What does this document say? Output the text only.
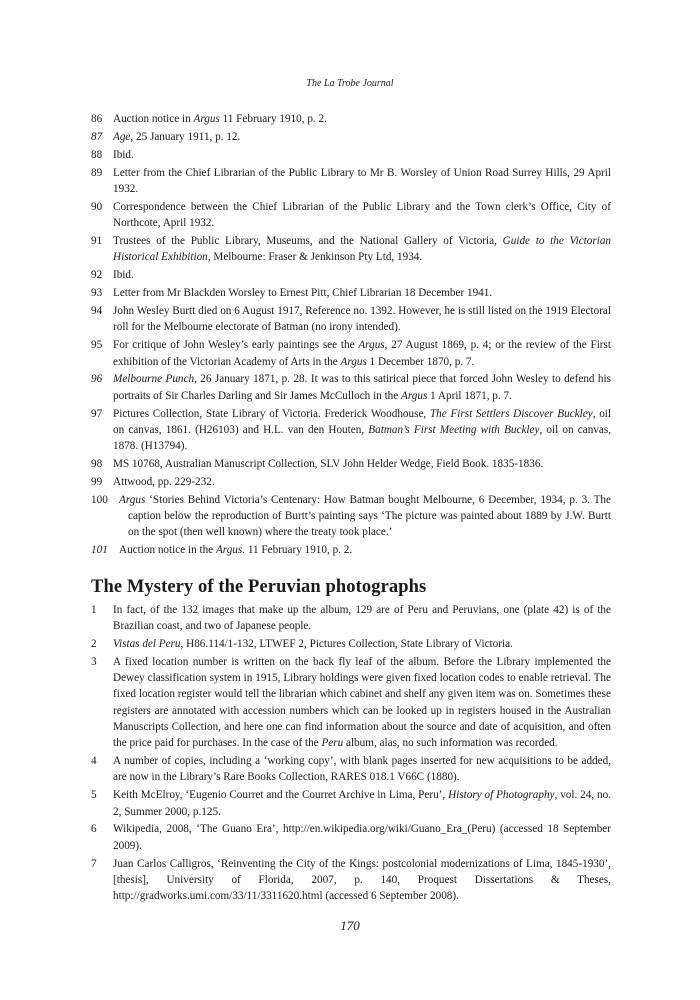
The La Trobe Journal
86 Auction notice in Argus 11 February 1910, p. 2.
87 Age, 25 January 1911, p. 12.
88 Ibid.
89 Letter from the Chief Librarian of the Public Library to Mr B. Worsley of Union Road Surrey Hills, 29 April 1932.
90 Correspondence between the Chief Librarian of the Public Library and the Town clerk’s Office, City of Northcote, April 1932.
91 Trustees of the Public Library, Museums, and the National Gallery of Victoria, Guide to the Victorian Historical Exhibition, Melbourne: Fraser & Jenkinson Pty Ltd, 1934.
92 Ibid.
93 Letter from Mr Blackden Worsley to Ernest Pitt, Chief Librarian 18 December 1941.
94 John Wesley Burtt died on 6 August 1917, Reference no. 1392. However, he is still listed on the 1919 Electoral roll for the Melbourne electorate of Batman (no irony intended).
95 For critique of John Wesley’s early paintings see the Argus, 27 August 1869, p. 4; or the review of the First exhibition of the Victorian Academy of Arts in the Argus 1 December 1870, p. 7.
96 Melbourne Punch, 26 January 1871, p. 28. It was to this satirical piece that forced John Wesley to defend his portraits of Sir Charles Darling and Sir James McCulloch in the Argus 1 April 1871, p. 7.
97 Pictures Collection, State Library of Victoria. Frederick Woodhouse, The First Settlers Discover Buckley, oil on canvas, 1861. (H26103) and H.L. van den Houten, Batman’s First Meeting with Buckley, oil on canvas, 1878. (H13794).
98 MS 10768, Australian Manuscript Collection, SLV John Helder Wedge, Field Book. 1835-1836.
99 Attwood, pp. 229-232.
100 Argus ‘Stories Behind Victoria’s Centenary: How Batman bought Melbourne, 6 December, 1934, p. 3. The caption below the reproduction of Burtt’s painting says ‘The picture was painted about 1889 by J.W. Burtt on the spot (then well known) where the treaty took place.’
101 Auction notice in the Argus. 11 February 1910, p. 2.
The Mystery of the Peruvian photographs
1 In fact, of the 132 images that make up the album, 129 are of Peru and Peruvians, one (plate 42) is of the Brazilian coast, and two of Japanese people.
2 Vistas del Peru, H86.114/1-132, LTWEF 2, Pictures Collection, State Library of Victoria.
3 A fixed location number is written on the back fly leaf of the album. Before the Library implemented the Dewey classification system in 1915, Library holdings were given fixed location codes to enable retrieval. The fixed location register would tell the librarian which cabinet and shelf any given item was on. Sometimes these registers are annotated with accession numbers which can be looked up in registers housed in the Australian Manuscripts Collection, and here one can find information about the source and date of acquisition, and often the price paid for purchases. In the case of the Peru album, alas, no such information was recorded.
4 A number of copies, including a ‘working copy’, with blank pages inserted for new acquisitions to be added, are now in the Library’s Rare Books Collection, RARES 018.1 V66C (1880).
5 Keith McElroy, ‘Eugenio Courret and the Courret Archive in Lima, Peru’, History of Photography, vol. 24, no. 2, Summer 2000, p.125.
6 Wikipedia, 2008, ‘The Guano Era’, http://en.wikipedia.org/wiki/Guano_Era_(Peru) (accessed 18 September 2009).
7 Juan Carlos Calligros, ‘Reinventing the City of the Kings: postcolonial modernizations of Lima, 1845-1930’, [thesis], University of Florida, 2007, p. 140, Proquest Dissertations & Theses, http://gradworks.umi.com/33/11/3311620.html (accessed 6 September 2008).
170
